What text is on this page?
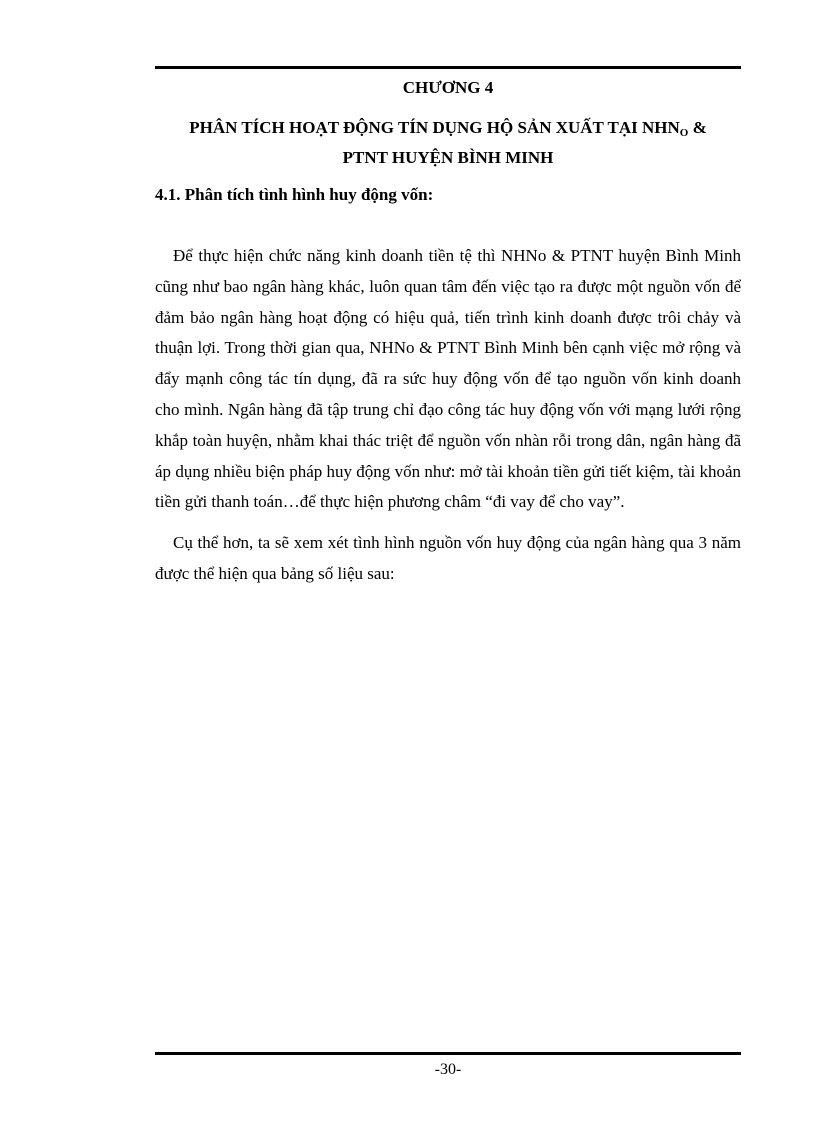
CHƯƠNG 4
PHÂN TÍCH HOẠT ĐỘNG TÍN DỤNG HỘ SẢN XUẤT TẠI $NHN_O$ &
PTNT HUYỆN BÌNH MINH
4.1. Phân tích tình hình huy động vốn:

Để thực hiện chức năng kinh doanh tiền tệ thì NHNo & PTNT huyện Bình Minh cũng như bao ngân hàng khác, luôn quan tâm đến việc tạo ra được một nguồn vốn để đảm bảo ngân hàng hoạt động có hiệu quả, tiến trình kinh doanh được trôi chảy và thuận lợi. Trong thời gian qua, NHNo & PTNT Bình Minh bên cạnh việc mở rộng và đẩy mạnh công tác tín dụng, đã ra sức huy động vốn để tạo nguồn vốn kinh doanh cho mình. Ngân hàng đã tập trung chỉ đạo công tác huy động vốn với mạng lưới rộng khắp toàn huyện, nhằm khai thác triệt để nguồn vốn nhàn rỗi trong dân, ngân hàng đã áp dụng nhiều biện pháp huy động vốn như: mở tài khoản tiền gửi tiết kiệm, tài khoản tiền gửi thanh toán…để thực hiện phương châm “đi vay để cho vay”.

Cụ thể hơn, ta sẽ xem xét tình hình nguồn vốn huy động của ngân hàng qua 3 năm được thể hiện qua bảng số liệu sau:

-30-
